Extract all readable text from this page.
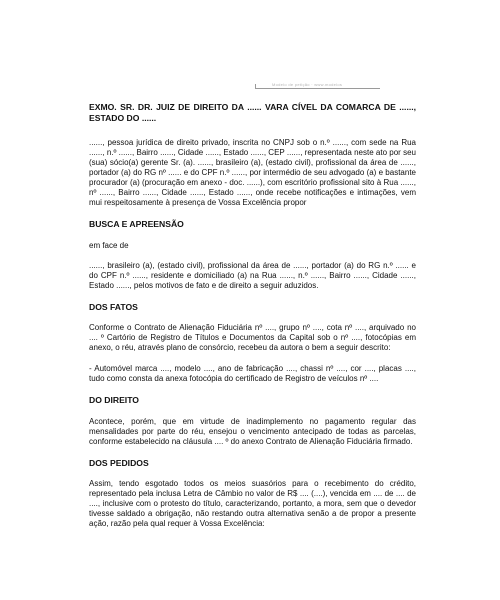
Modelo de petição · www.modelos
EXMO. SR. DR. JUIZ DE DIREITO DA ...... VARA CÍVEL DA COMARCA DE ......, ESTADO DO ......
......, pessoa jurídica de direito privado, inscrita no CNPJ sob o n.º ......, com sede na Rua ......, n.º ......, Bairro ......, Cidade ......, Estado ......, CEP ......, representada neste ato por seu (sua) sócio(a) gerente Sr. (a). ......, brasileiro (a), (estado civil), profissional da área de ......, portador (a) do RG nº ...... e do CPF n.º ......, por intermédio de seu advogado (a) e bastante procurador (a) (procuração em anexo - doc. ......), com escritório profissional sito à Rua ......, nº ......, Bairro ......, Cidade ......, Estado ......, onde recebe notificações e intimações, vem mui respeitosamente à presença de Vossa Excelência propor
BUSCA E APREENSÃO
em face de
......, brasileiro (a), (estado civil), profissional da área de ......, portador (a) do RG n.º ...... e do CPF n.º ......, residente e domiciliado (a) na Rua ......, n.º ......, Bairro ......, Cidade ......, Estado ......, pelos motivos de fato e de direito a seguir aduzidos.
DOS FATOS
Conforme o Contrato de Alienação Fiduciária nº ...., grupo nº ...., cota nº ...., arquivado no .... º Cartório de Registro de Títulos e Documentos da Capital sob o nº ...., fotocópias em anexo, o réu, através plano de consórcio, recebeu da autora o bem a seguir descrito:
- Automóvel marca ...., modelo ...., ano de fabricação ...., chassi nº ...., cor ...., placas ...., tudo como consta da anexa fotocópia do certificado de Registro de veículos nº ....
DO DIREITO
Acontece, porém, que em virtude de inadimplemento no pagamento regular das mensalidades por parte do réu, ensejou o vencimento antecipado de todas as parcelas, conforme estabelecido na cláusula .... º do anexo Contrato de Alienação Fiduciária firmado.
DOS PEDIDOS
Assim, tendo esgotado todos os meios suasórios para o recebimento do crédito, representado pela inclusa Letra de Câmbio no valor de R$ .... (....), vencida em .... de .... de ...., inclusive com o protesto do título, caracterizando, portanto, a mora, sem que o devedor tivesse saldado a obrigação, não restando outra alternativa senão a de propor a presente ação, razão pela qual requer à Vossa Excelência:
